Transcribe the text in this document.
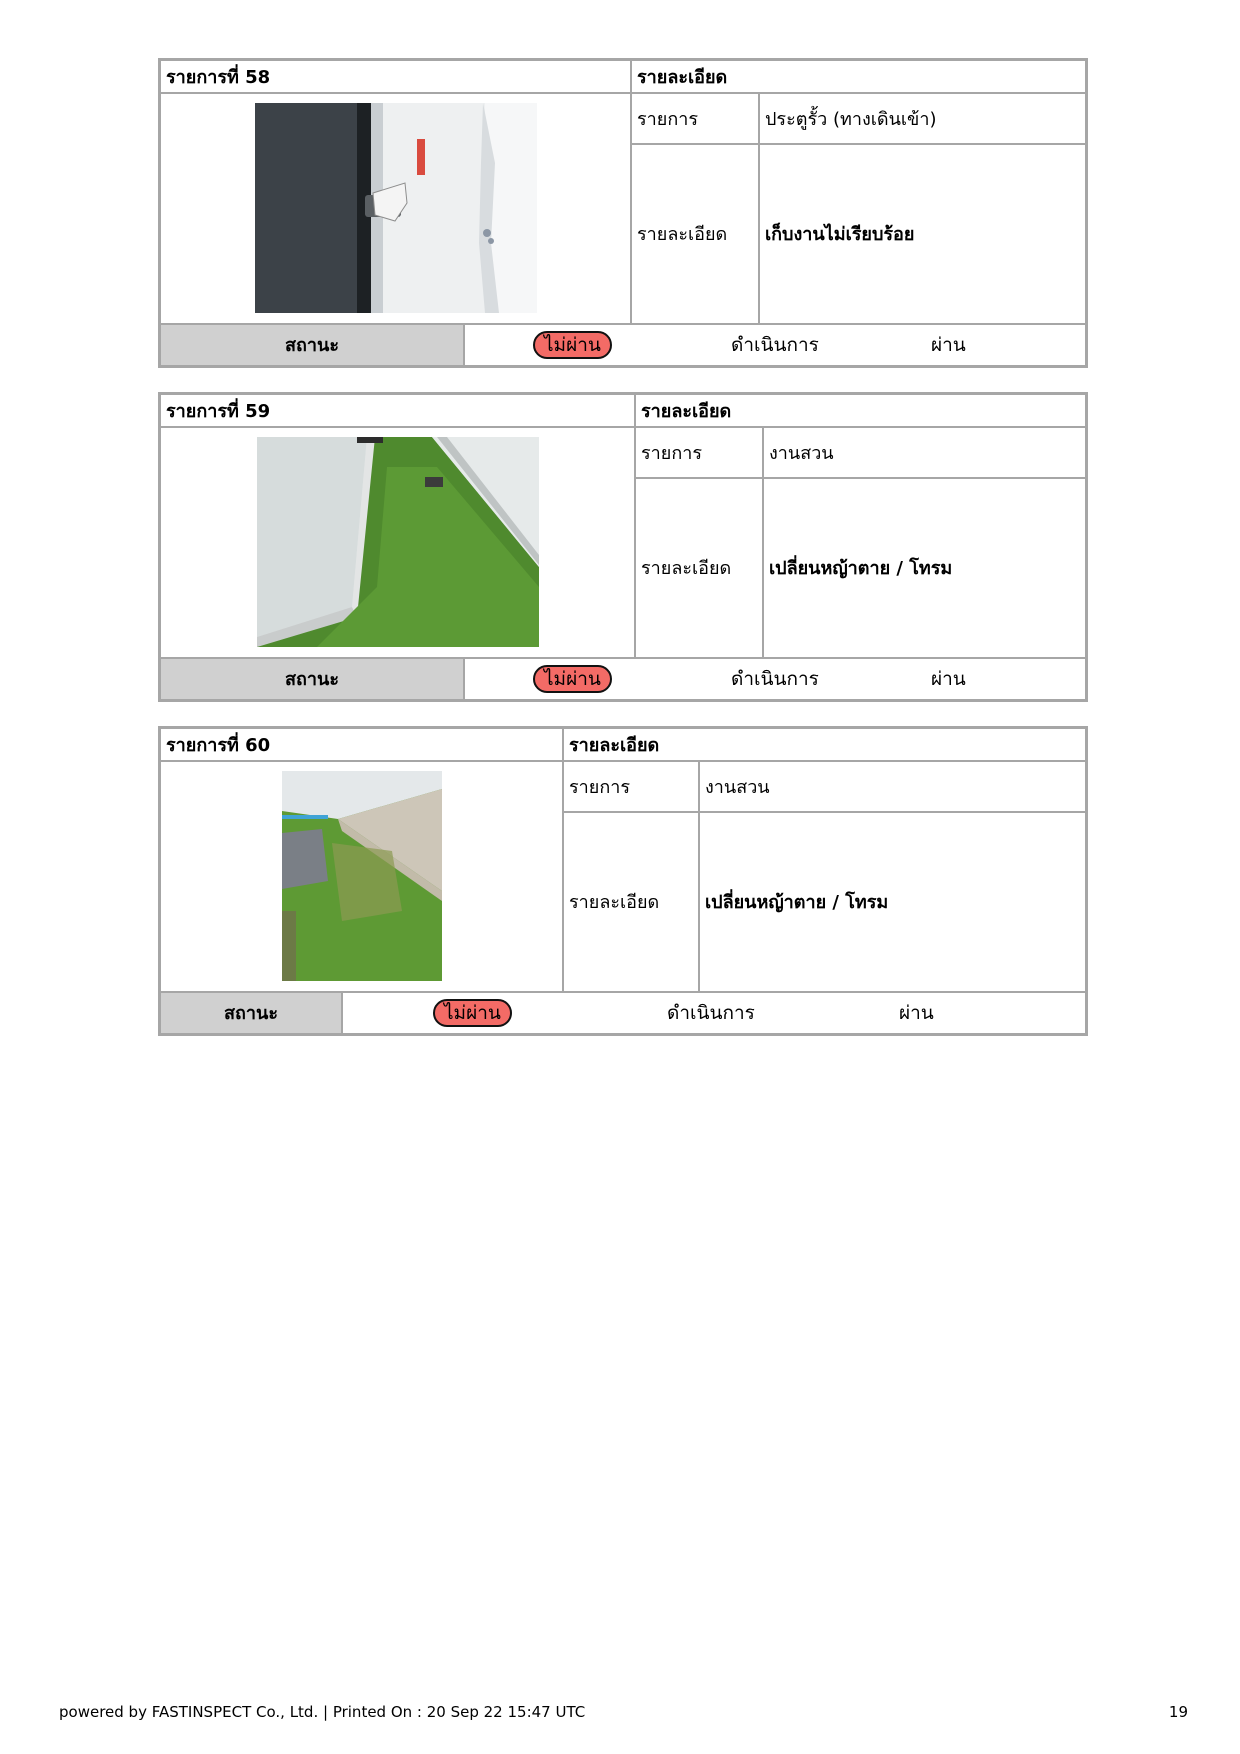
รายการที่ 58	รายละเอียด
	รายการ	ประตูรั้ว (ทางเดินเข้า)
รายละเอียด	เก็บงานไม่เรียบร้อย

สถานะ	ไม่ผ่าน	ดำเนินการ	ผ่าน
รายการที่ 59	รายละเอียด
	รายการ	งานสวน
รายละเอียด	เปลี่ยนหญ้าตาย / โทรม

สถานะ	ไม่ผ่าน	ดำเนินการ	ผ่าน
รายการที่ 60	รายละเอียด
	รายการ	งานสวน
รายละเอียด	เปลี่ยนหญ้าตาย / โทรม

สถานะ	ไม่ผ่าน	ดำเนินการ	ผ่าน
powered by FASTINSPECT Co., Ltd. | Printed On : 20 Sep 22 15:47 UTC	19
